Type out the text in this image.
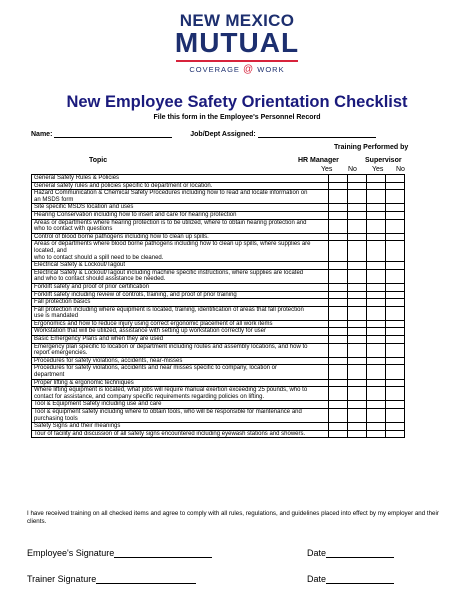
NEW MEXICO
MUTUAL
COVERAGE @ WORK
New Employee Safety Orientation Checklist
File this form in the Employee's Personnel Record
Name:	Job/Dept Assigned:
Training Performed by
Topic	HR Manager	Supervisor
Yes No Yes No
General Safety Rules & Policies				

General safety rules and policies specific to department or location.				

Hazard Communication & Chemical Safety Procedures including how to read and locate information on
an MSDS form				

Site specific MSDS location and uses				

Hearing Conservation including how to insert and care for hearing protection				

Areas or departments where hearing protection is to be utilized, where to obtain hearing protection and
who to contact with questions				

Control of blood borne pathogens including how to clean up spills.				

Areas or departments where blood borne pathogens including how to clean up spills, where supplies are located, and
who to contact should a spill need to be cleaned.				

Electrical Safety & Lockout/Tagout				

Electrical Safety & Lockout/Tagout including machine specific instructions, where supplies are located
and who to contact should assistance be needed.				

Forklift safety and proof of prior certification				

Forklift safety including review of controls, training, and proof of prior training				

Fall protection basics				

Fall protection including where equipment is located, training, identification of areas that fall protection
use is mandated				

Ergonomics and how to reduce injury using correct ergonomic placement of all work items				

Workstation that will be utilized, assistance with setting up workstation correctly for user				

Basic Emergency Plans and when they are used				

Emergency plan specific to location or department including routes and assembly locations, and how to
report emergencies.				

Procedures for safety violations, accidents, near-misses				

Procedures for safety violations, accidents and near misses specific to company, location or
department				

Proper lifting & ergonomic techniques				

Where lifting equipment is located, what jobs will require manual exertion exceeding 25 pounds, who to
contact for assistance, and company specific requirements regarding policies on lifting.				

Tool & Equipment Safety including use and care				

Tool & equipment safety including where to obtain tools, who will be responsible for maintenance and
purchasing tools				

Safety Signs and their meanings				

Tour of facility and discussion of all safety signs encountered including eyewash stations and showers.				

I have received training on all checked items and agree to comply with all rules, regulations, and guidelines placed into effect by my employer and their clients.
Employee's Signature	Date
Trainer Signature	Date
